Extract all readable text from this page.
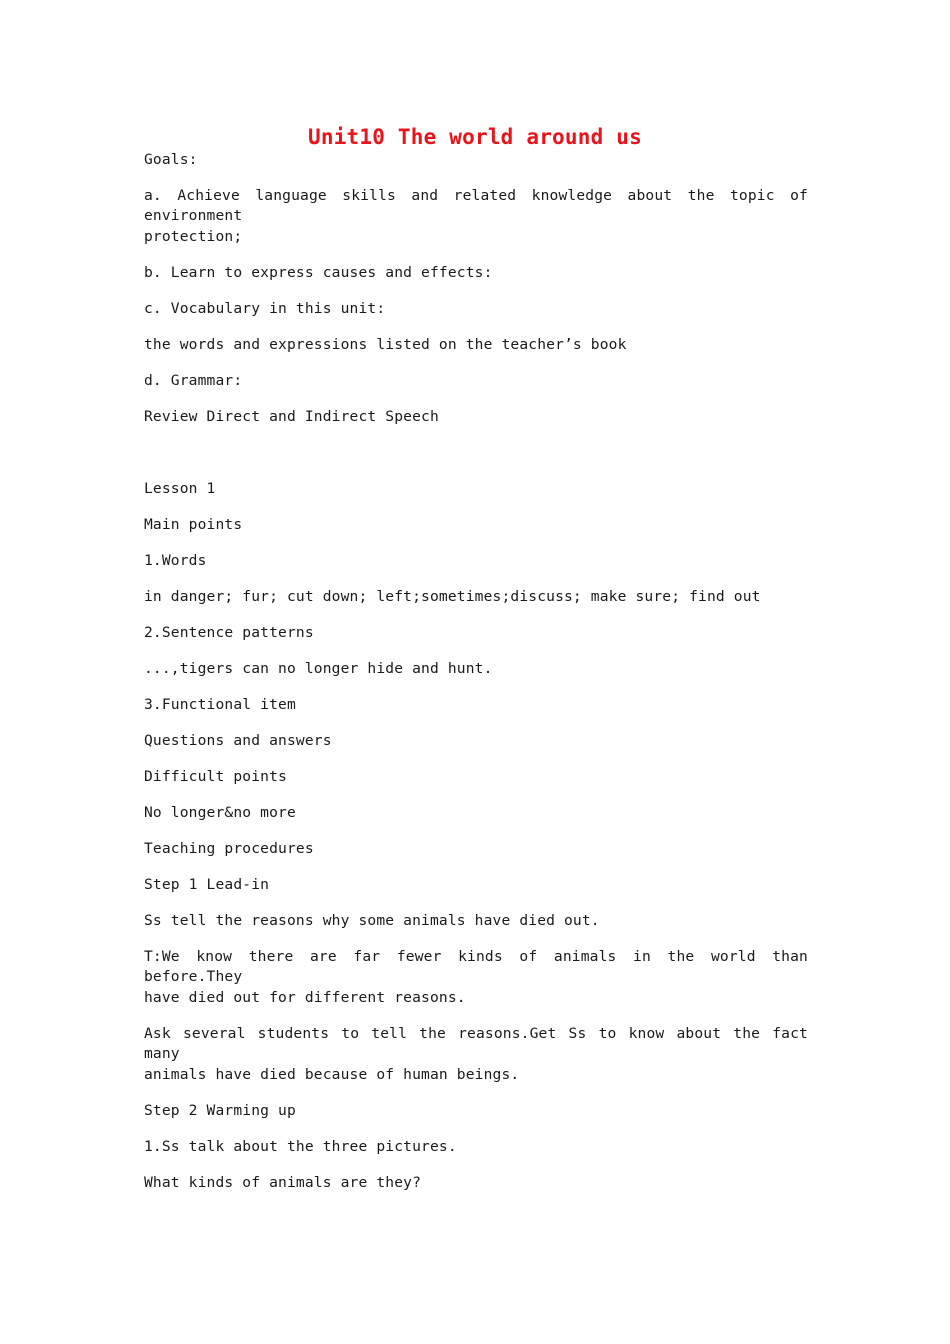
Unit10 The world around us

Goals:

a. Achieve language skills and related knowledge about the topic of environment

protection;

b. Learn to express causes and effects:

c. Vocabulary in this unit:

the words and expressions listed on the teacher’s book

d. Grammar:

Review Direct and Indirect Speech

Lesson 1

Main points

1.Words

in danger; fur; cut down; left;sometimes;discuss; make sure; find out

2.Sentence patterns

...,tigers can no longer hide and hunt.

3.Functional item

Questions and answers

Difficult points

No longer&no more

Teaching procedures

Step 1 Lead-in

Ss tell the reasons why some animals have died out.

T:We know there are far fewer kinds of animals in the world than before.They

have died out for different reasons.

Ask several students to tell the reasons.Get Ss to know about the fact many

animals have died because of human beings.

Step 2 Warming up

1.Ss talk about the three pictures.

What kinds of animals are they?
